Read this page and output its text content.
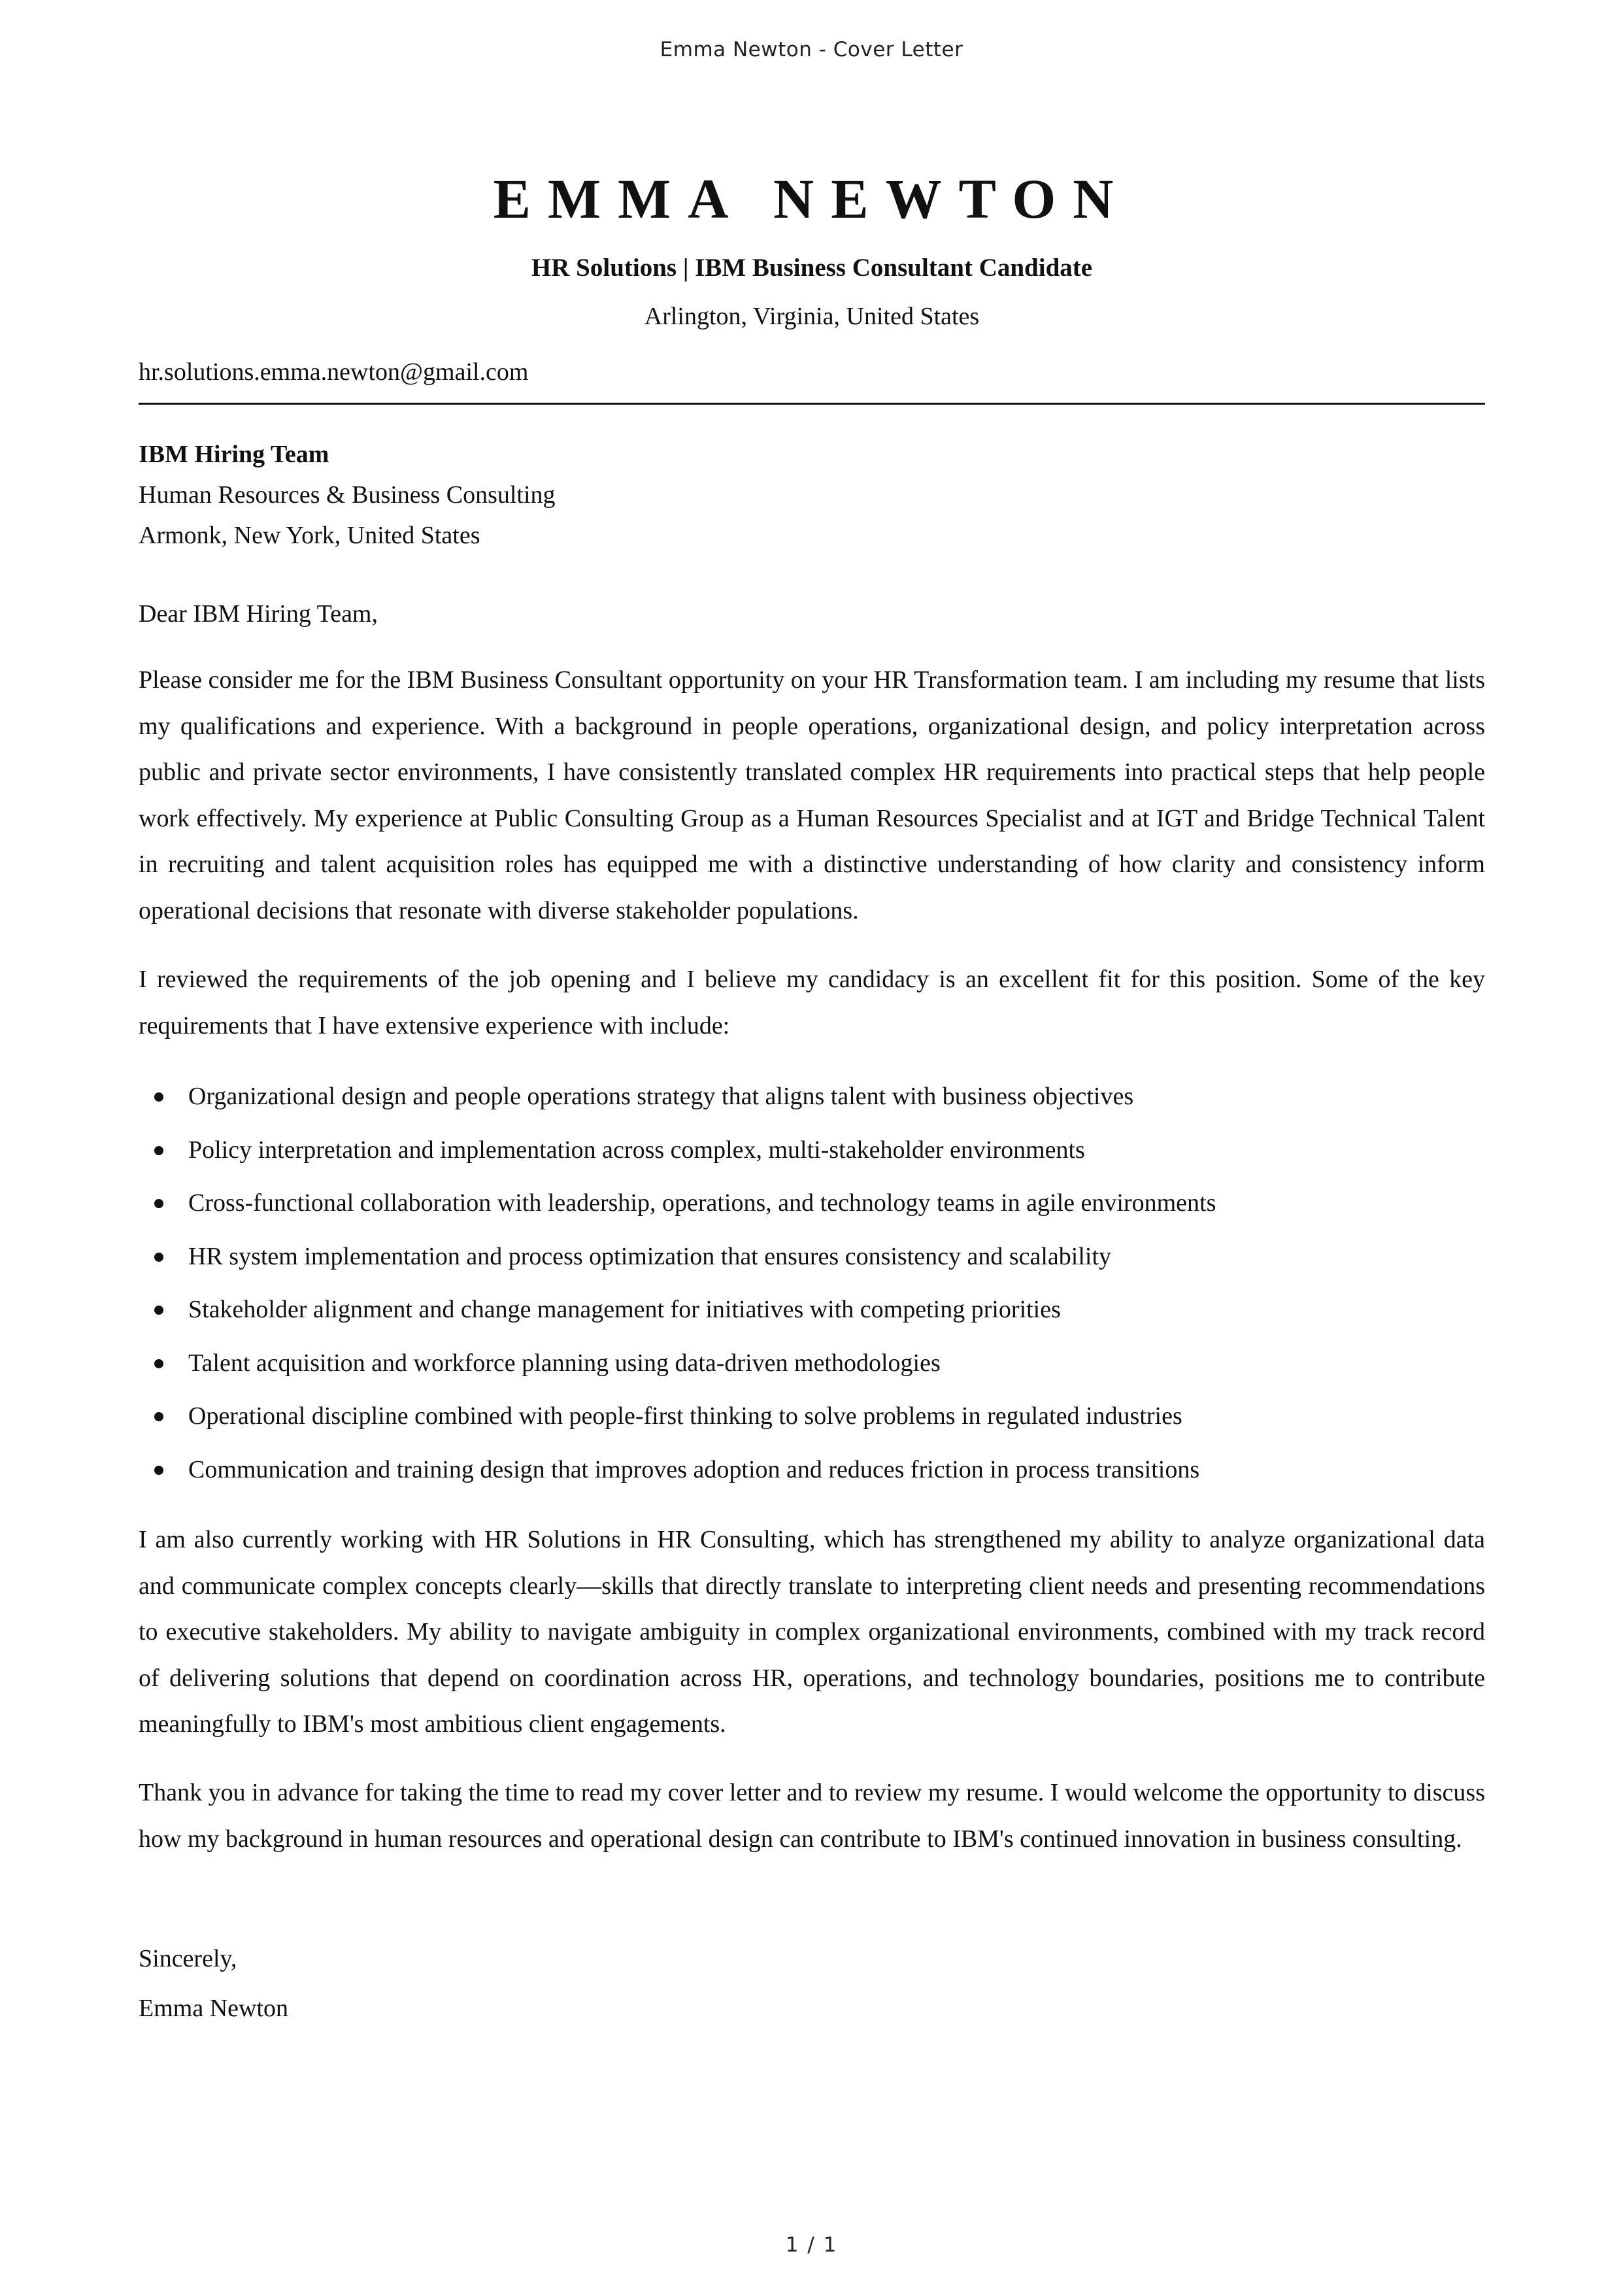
Emma Newton - Cover Letter
EMMA NEWTON
HR Solutions | IBM Business Consultant Candidate
Arlington, Virginia, United States
hr.solutions.emma.newton@gmail.com
IBM Hiring Team
Human Resources & Business Consulting
Armonk, New York, United States
Dear IBM Hiring Team,

Please consider me for the IBM Business Consultant opportunity on your HR Transformation team. I am including my resume that lists my qualifications and experience. With a background in people operations, organizational design, and policy interpretation across public and private sector environments, I have consistently translated complex HR requirements into practical steps that help people work effectively. My experience at Public Consulting Group as a Human Resources Specialist and at IGT and Bridge Technical Talent in recruiting and talent acquisition roles has equipped me with a distinctive understanding of how clarity and consistency inform operational decisions that resonate with diverse stakeholder populations.

I reviewed the requirements of the job opening and I believe my candidacy is an excellent fit for this position. Some of the key requirements that I have extensive experience with include:

Organizational design and people operations strategy that aligns talent with business objectives
Policy interpretation and implementation across complex, multi-stakeholder environments
Cross-functional collaboration with leadership, operations, and technology teams in agile environments
HR system implementation and process optimization that ensures consistency and scalability
Stakeholder alignment and change management for initiatives with competing priorities
Talent acquisition and workforce planning using data-driven methodologies
Operational discipline combined with people-first thinking to solve problems in regulated industries
Communication and training design that improves adoption and reduces friction in process transitions

I am also currently working with HR Solutions in HR Consulting, which has strengthened my ability to analyze organizational data and communicate complex concepts clearly—skills that directly translate to interpreting client needs and presenting recommendations to executive stakeholders. My ability to navigate ambiguity in complex organizational environments, combined with my track record of delivering solutions that depend on coordination across HR, operations, and technology boundaries, positions me to contribute meaningfully to IBM's most ambitious client engagements.

Thank you in advance for taking the time to read my cover letter and to review my resume. I would welcome the opportunity to discuss how my background in human resources and operational design can contribute to IBM's continued innovation in business consulting.

Sincerely,
Emma Newton
1 / 1
